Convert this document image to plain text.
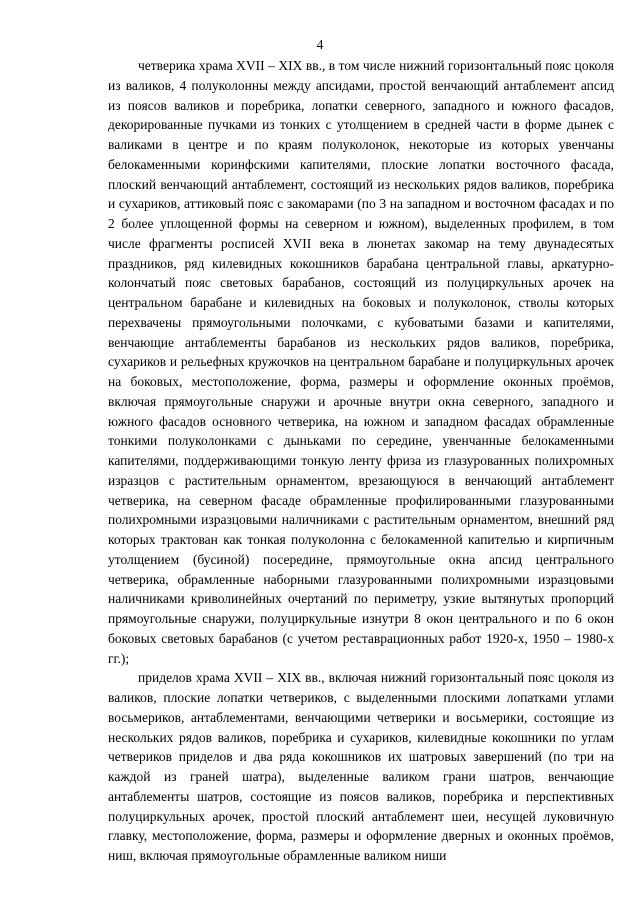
4

четверика храма XVII – XIX вв., в том числе нижний горизонтальный пояс цоколя из валиков, 4 полуколонны между апсидами, простой венчающий антаблемент апсид из поясов валиков и поребрика, лопатки северного, западного и южного фасадов, декорированные пучками из тонких с утолщением в средней части в форме дынек с валиками в центре и по краям полуколонок, некоторые из которых увенчаны белокаменными коринфскими капителями, плоские лопатки восточного фасада, плоский венчающий антаблемент, состоящий из нескольких рядов валиков, поребрика и сухариков, аттиковый пояс с закомарами (по 3 на западном и восточном фасадах и по 2 более уплощенной формы на северном и южном), выделенных профилем, в том числе фрагменты росписей XVII века в люнетах закомар на тему двунадесятых праздников, ряд килевидных кокошников барабана центральной главы, аркатурно-колончатый пояс световых барабанов, состоящий из полуциркульных арочек на центральном барабане и килевидных на боковых и полуколонок, стволы которых перехвачены прямоугольными полочками, с кубоватыми базами и капителями, венчающие антаблементы барабанов из нескольких рядов валиков, поребрика, сухариков и рельефных кружочков на центральном барабане и полуциркульных арочек на боковых, местоположение, форма, размеры и оформление оконных проёмов, включая прямоугольные снаружи и арочные внутри окна северного, западного и южного фасадов основного четверика, на южном и западном фасадах обрамленные тонкими полуколонками с дыньками по середине, увенчанные белокаменными капителями, поддерживающими тонкую ленту фриза из глазурованных полихромных изразцов с растительным орнаментом, врезающуюся в венчающий антаблемент четверика, на северном фасаде обрамленные профилированными глазурованными полихромными изразцовыми наличниками с растительным орнаментом, внешний ряд которых трактован как тонкая полуколонна с белокаменной капителью и кирпичным утолщением (бусиной) посередине, прямоугольные окна апсид центрального четверика, обрамленные наборными глазурованными полихромными изразцовыми наличниками криволинейных очертаний по периметру, узкие вытянутых пропорций прямоугольные снаружи, полуциркульные изнутри 8 окон центрального и по 6 окон боковых световых барабанов (с учетом реставрационных работ 1920-х, 1950 – 1980-х гг.);

приделов храма XVII – XIX вв., включая нижний горизонтальный пояс цоколя из валиков, плоские лопатки четвериков, с выделенными плоскими лопатками углами восьмериков, антаблементами, венчающими четверики и восьмерики, состоящие из нескольких рядов валиков, поребрика и сухариков, килевидные кокошники по углам четвериков приделов и два ряда кокошников их шатровых завершений (по три на каждой из граней шатра), выделенные валиком грани шатров, венчающие антаблементы шатров, состоящие из поясов валиков, поребрика и перспективных полуциркульных арочек, простой плоский антаблемент шеи, несущей луковичную главку, местоположение, форма, размеры и оформление дверных и оконных проёмов, ниш, включая прямоугольные обрамленные валиком ниши
